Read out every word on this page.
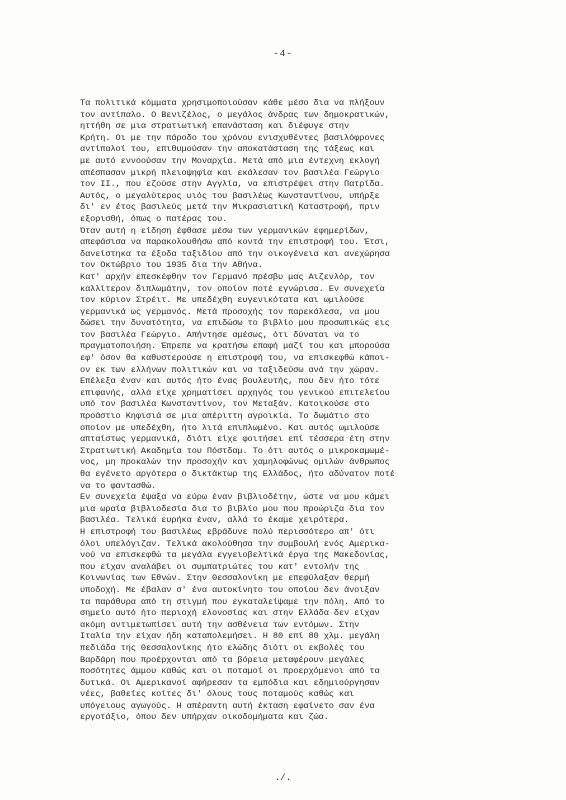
-4-
Τα πολιτικά κόμματα χρησιμοποιούσαν κάθε μέσο δια να πλήξουν
τον αντίπαλο. Ο Βενιζέλος, ο μεγάλος άνδρας των δημοκρατικών,
ηττήθη σε μια στρατιωτική επανάσταση και διέφυγε στην
Κρήτη. Οι με την πάροδο του χρόνου ενισχυθέντες βασιλόφρονες
αντίπαλοί του, επιθυμούσαν την αποκατάσταση της τάξεως και
με αυτό εννοούσαν την Μοναρχία. Μετά από μια έντεχνη εκλογή
απέσπασαν μικρή πλειοψηφία και εκάλεσαν τον βασιλέα Γεώργιο
τον ΙΙ., που εζούσε στην Αγγλία, να επιστρέψει στην Πατρίδα.
Αυτός, ο μεγαλύτερος υιός του βασιλέως Κωνσταντίνου, υπήρξε
δι' εν έτος βασιλεύς μετά την Μικρασιατική Καταστροφή, πριν
εξορισθή, όπως ο πατέρας του.
Όταν αυτή η είδηση έφθασε μέσω των γερμανικών εφημερίδων,
απεφάσισα να παρακολουθήσω από κοντά την επιστροφή του. Έτσι,
δανείστηκα τα έξοδα ταξιδίου από την οικογένεια και ανεχώρησα
τον Οκτώβριο του 1935 δια την Αθήνα.
Κατ' αρχήν επεσκέφθην τον Γερμανό πρέσβυ μας Αιζενλόρ, τον
καλλίτερον διπλωμάτην, τον οποίον ποτέ εγνώρισα. Εν συνεχεία
τον κύριον Στρέιτ. Με υπεδέχθη ευγενικότατα και ωμιλούσε
γερμανικά ως γερμανός. Μετά προσοχής τον παρεκάλεσα, να μου
δώσει την δυνατότητα, να επιδώσω το βιβλίο μου προσωπικώς εις
τον βασιλέα Γεώργιο. Απήντησε αμέσως, ότι δύναται να το
πραγματοποιήση. Έπρεπε να κρατήσω επαφή μαζί του και μπορούσα
εφ' όσον θα καθυστερούσε η επιστροφή του, να επισκεφθώ κάποι-
ον εκ των ελλήνων πολιτικών και να ταξιδεύσω ανά την χώραν.
Επέλεξα έναν και αυτός ήτο ένας βουλευτής, που δεν ήτο τότε
επιφανής, αλλά είχε χρηματίσει αρχηγός του γενικού επιτελείου
υπό τον βασιλέα Κωνσταντίνον, τον Μεταξάν. Κατοικούσε στο
προάστιο Κηφισιά σε μια απέριττη αγροικία. Το δωμάτιο στο
οποίον με υπεδέχθη, ήτο λιτά επιπλωμένο. Και αυτός ωμιλούσε
απταίστως γερμανικά, διότι είχε φοιτήσει επί τέσσερα έτη στην
Στρατιωτική Ακαδημία του Πόστδαμ. Το ότι αυτός ο μικροκαμωμέ-
νος, μη προκαλών την προσοχήν και χαμηλοφώνως ομιλών άνθρωπος
θα εγένετο αργότερα ο δικτάκτωρ της Ελλάδος, ήτο αδύνατον ποτέ
να το φαντασθώ.
Εν συνεχεία έψαξα να εύρω έναν βιβλιοδέτην, ώστε να μου κάμει
μια ωραία βιβλιοδεσία δια το βιβλίο μου που προώριζα δια τον
βασιλέα. Τελικά ευρήκα έναν, αλλά το έκαμε χειρότερα.
Η επιστροφή του βασιλέως εβράδυνε πολύ περισσότερο απ' ότι
όλοι υπελόγιζαν. Τελικά ακολούθησα την συμβουλή ενός Αμερικα-
νού να επισκεφθώ τα μεγάλα εγγειοβελτικά έργα της Μακεδονίας,
που είχαν αναλάβει οι συμπατριώτες του κατ' εντολήν της
Κοινωνίας των Εθνών. Στην Θεσσαλονίκη με επεφύλαξαν θερμή
υποδοχή. Με έβαλαν σ' ένα αυτοκίνητο του οποίου δεν άνοιξαν
τα παράθυρα από τη στιγμή που εγκαταλείψαμε την πόλη. Από το
σημείο αυτό ήτο περιοχή ελονοσίας και στην Ελλάδα δεν είχαν
ακόμη αντιμετωπίσει αυτή την ασθένεια των εντόμων. Στην
Ιταλία την είχαν ήδη καταπολεμήσει. Η 80 επί 80 χλμ. μεγάλη
πεδιάδα της Θεσσαλονίκης ήτο ελώδης διότι οι εκβολές του
Βαρδάρη που προέρχονται από τα βόρεια μεταφέρουν μεγάλες
ποσότητες άμμου καθώς και οι ποταμοί οι προερχόμενοι από τα
δυτικά. Οι Αμερικανοί αφήρεσαν τα εμπόδια και εδημιούργησαν
νέες, βαθείες κοίτες δι' όλους τους ποταμούς καθώς και
υπόγειους αγωγούς. Η απέραντη αυτή έκταση εφαίνετο σαν ένα
εργοτάξιο, όπου δεν υπήρχαν οικοδομήματα και ζώα.
./.
